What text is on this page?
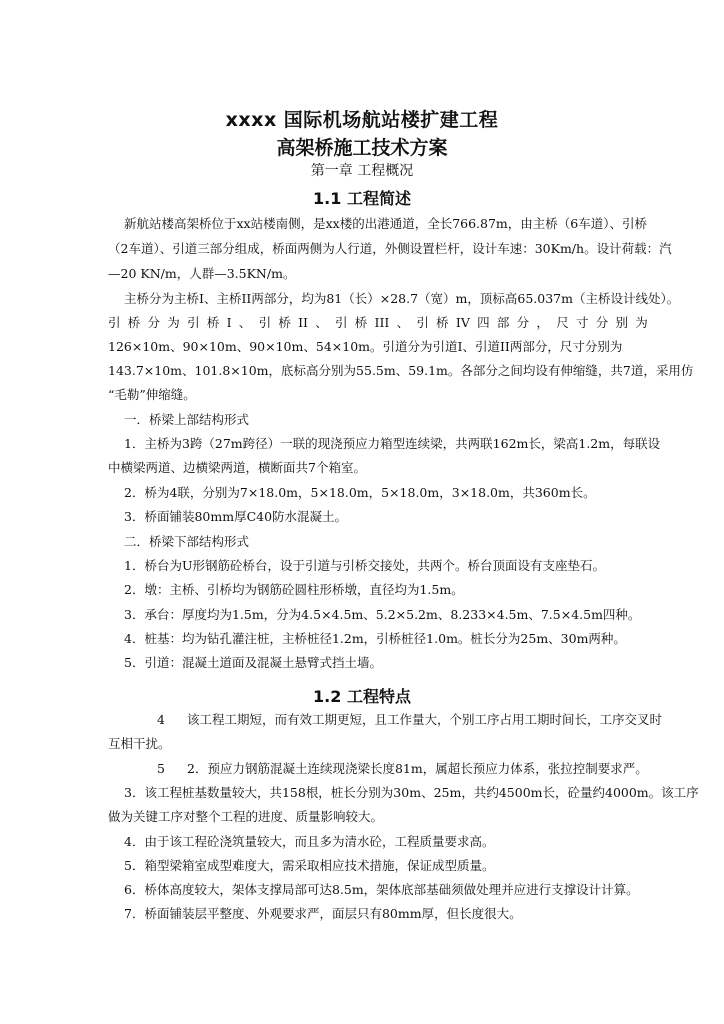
xxxx 国际机场航站楼扩建工程
高架桥施工技术方案
第一章 工程概况
1.1 工程简述
新航站楼高架桥位于xx站楼南侧，是xx楼的出港通道，全长766.87m，由主桥（6车道）、引桥
（2车道）、引道三部分组成，桥面两侧为人行道，外侧设置栏杆，设计车速：30Km/h。设计荷载：汽
—20 KN/m，人群—3.5KN/m。
主桥分为主桥I、主桥II两部分，均为81（长）×28.7（宽）m，顶标高65.037m（主桥设计线处）。
引 桥 分 为 引 桥 I 、 引 桥 II 、 引 桥 III 、 引 桥 IV 四 部 分 ， 尺 寸 分 别 为
126×10m、90×10m、90×10m、54×10m。引道分为引道I、引道II两部分，尺寸分别为
143.7×10m、101.8×10m，底标高分别为55.5m、59.1m。各部分之间均设有伸缩缝，共7道，采用仿
“毛勒”伸缩缝。
一．桥梁上部结构形式
1．主桥为3跨（27m跨径）一联的现浇预应力箱型连续梁，共两联162m长，梁高1.2m，每联设
中横梁两道、边横梁两道，横断面共7个箱室。
2．桥为4联，分别为7×18.0m，5×18.0m，5×18.0m，3×18.0m，共360m长。
3．桥面铺装80mm厚C40防水混凝土。
二．桥梁下部结构形式
1．桥台为U形钢筋砼桥台，设于引道与引桥交接处，共两个。桥台顶面设有支座垫石。
2．墩：主桥、引桥均为钢筋砼圆柱形桥墩，直径均为1.5m。
3．承台：厚度均为1.5m，分为4.5×4.5m、5.2×5.2m、8.233×4.5m、7.5×4.5m四种。
4．桩基：均为钻孔灌注桩，主桥桩径1.2m，引桥桩径1.0m。桩长分为25m、30m两种。
5．引道：混凝土道面及混凝土悬臂式挡土墙。
1.2 工程特点
4 该工程工期短，而有效工期更短，且工作量大，个别工序占用工期时间长，工序交叉时
互相干扰。
5 2．预应力钢筋混凝土连续现浇梁长度81m，属超长预应力体系，张拉控制要求严。
3．该工程桩基数量较大，共158根，桩长分别为30m、25m，共约4500m长，砼量约4000m。该工序
做为关键工序对整个工程的进度、质量影响较大。
4．由于该工程砼浇筑量较大，而且多为清水砼，工程质量要求高。
5．箱型梁箱室成型难度大，需采取相应技术措施，保证成型质量。
6．桥体高度较大，架体支撑局部可达8.5m，架体底部基础须做处理并应进行支撑设计计算。
7．桥面铺装层平整度、外观要求严，面层只有80mm厚，但长度很大。
